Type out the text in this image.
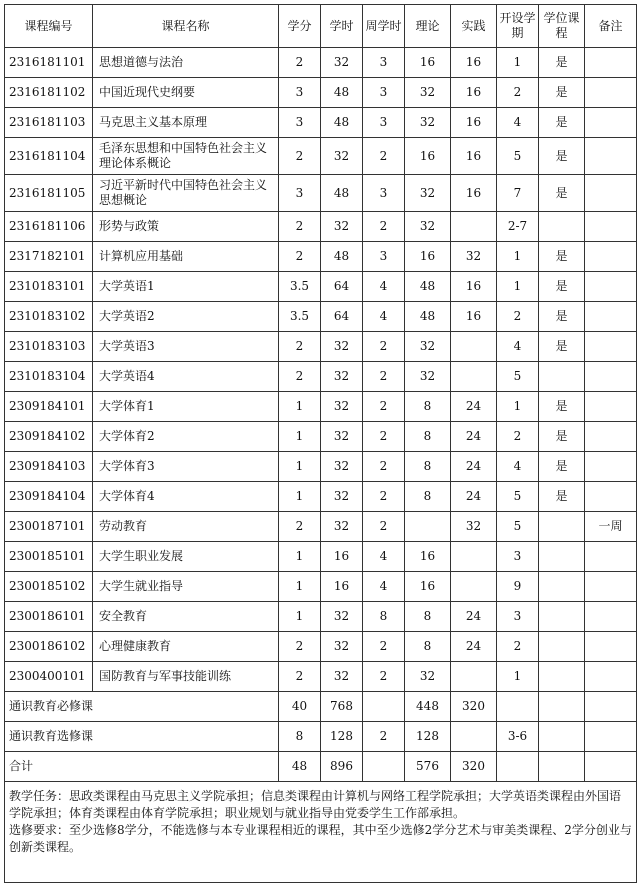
课程编号	课程名称	学分	学时	周学时	理论	实践	开设学期	学位课程	备注
2316181101	思想道德与法治	2	32	3	16	16	1	是	
2316181102	中国近现代史纲要	3	48	3	32	16	2	是	
2316181103	马克思主义基本原理	3	48	3	32	16	4	是	
2316181104	毛泽东思想和中国特色社会主义理论体系概论	2	32	2	16	16	5	是	
2316181105	习近平新时代中国特色社会主义思想概论	3	48	3	32	16	7	是	
2316181106	形势与政策	2	32	2	32		2-7		
2317182101	计算机应用基础	2	48	3	16	32	1	是	
2310183101	大学英语1	3.5	64	4	48	16	1	是	
2310183102	大学英语2	3.5	64	4	48	16	2	是	
2310183103	大学英语3	2	32	2	32		4	是	
2310183104	大学英语4	2	32	2	32		5		
2309184101	大学体育1	1	32	2	8	24	1	是	
2309184102	大学体育2	1	32	2	8	24	2	是	
2309184103	大学体育3	1	32	2	8	24	4	是	
2309184104	大学体育4	1	32	2	8	24	5	是	
2300187101	劳动教育	2	32	2		32	5		一周
2300185101	大学生职业发展	1	16	4	16		3		
2300185102	大学生就业指导	1	16	4	16		9		
2300186101	安全教育	1	32	8	8	24	3		
2300186102	心理健康教育	2	32	2	8	24	2		
2300400101	国防教育与军事技能训练	2	32	2	32		1		
通识教育必修课		40	768		448	320			
通识教育选修课		8	128	2	128		3-6		
合计		48	896		576	320			

教学任务：思政类课程由马克思主义学院承担；信息类课程由计算机与网络工程学院承担；大学英语类课程由外国语学院承担；体育类课程由体育学院承担；职业规划与就业指导由党委学生工作部承担。
选修要求：至少选修8学分，不能选修与本专业课程相近的课程，其中至少选修2学分艺术与审美类课程、2学分创业与创新类课程。									
